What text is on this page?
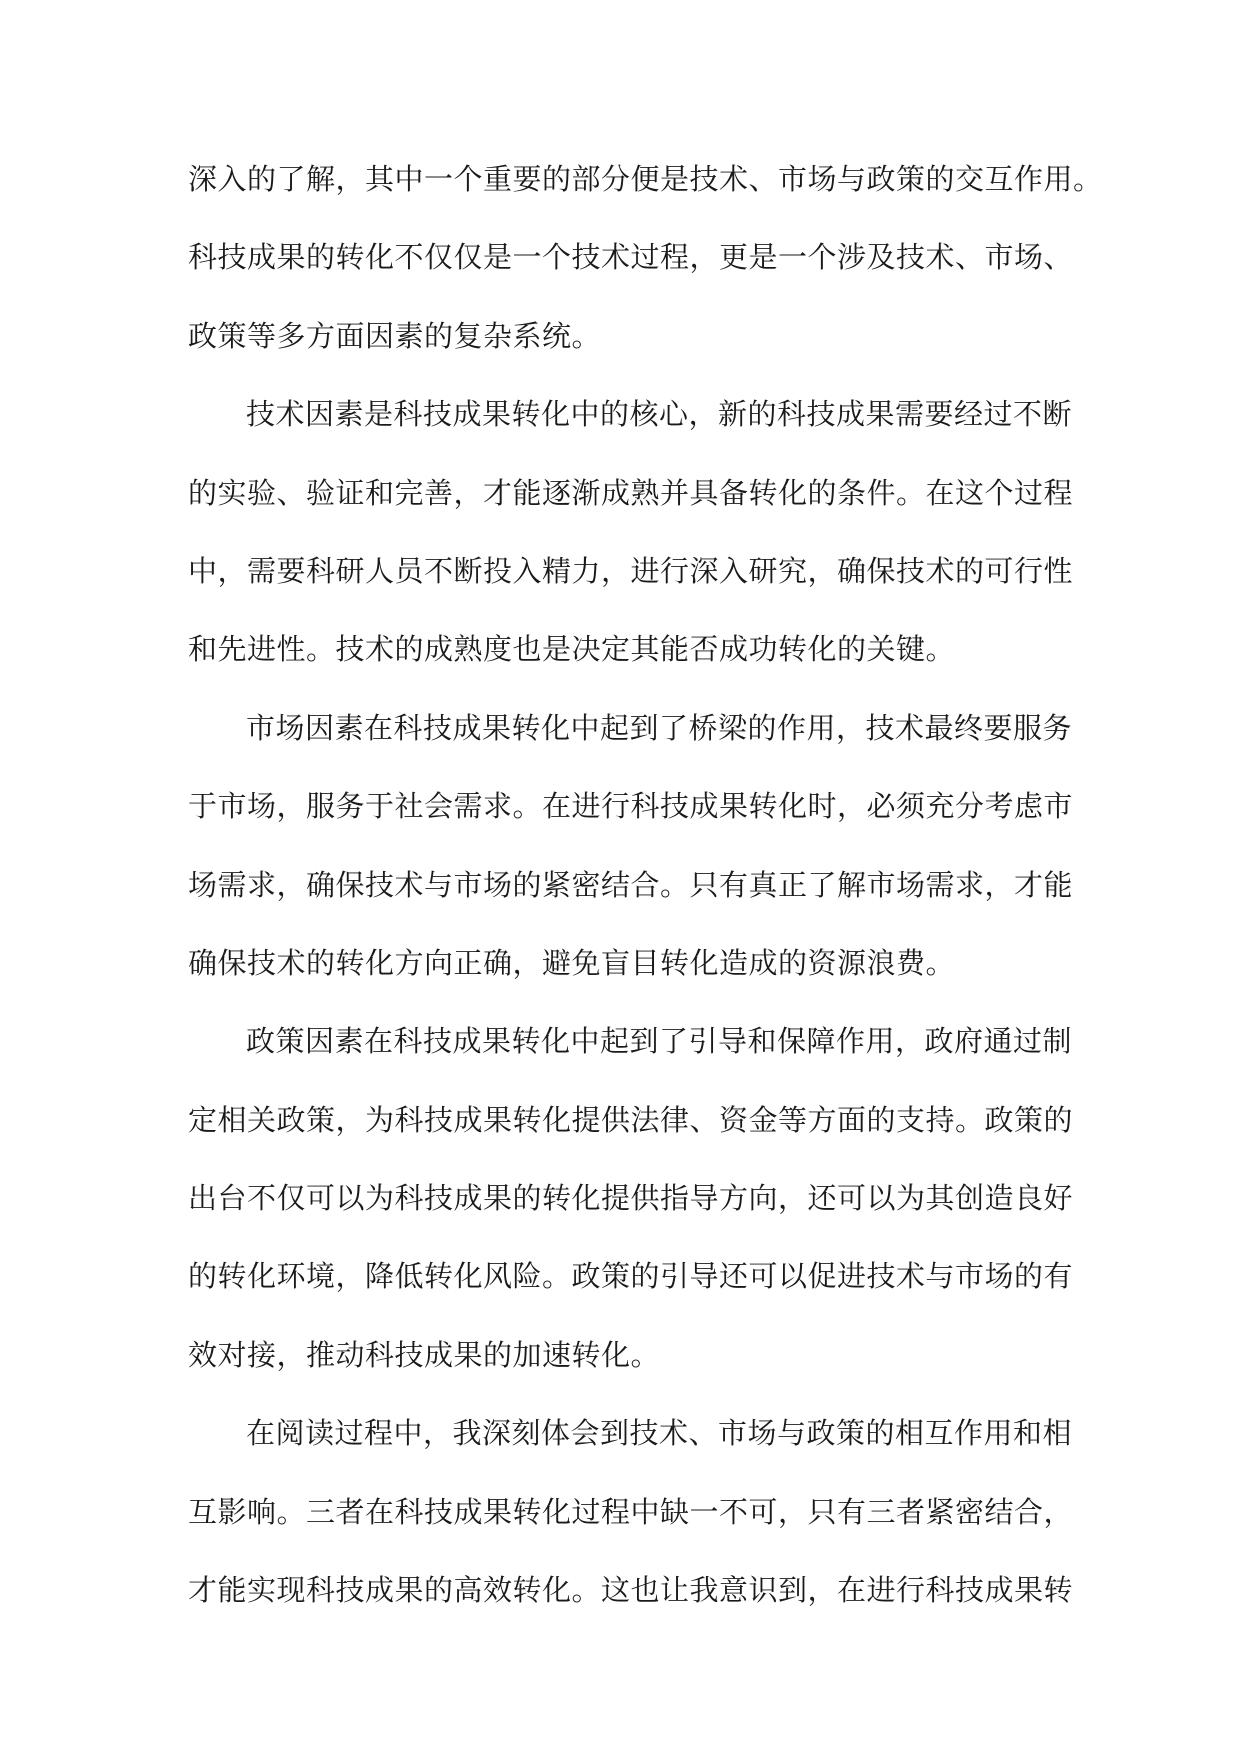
深入的了解，其中一个重要的部分便是技术、市场与政策的交互作用。
科技成果的转化不仅仅是一个技术过程，更是一个涉及技术、市场、
政策等多方面因素的复杂系统。
技术因素是科技成果转化中的核心，新的科技成果需要经过不断
的实验、验证和完善，才能逐渐成熟并具备转化的条件。在这个过程
中，需要科研人员不断投入精力，进行深入研究，确保技术的可行性
和先进性。技术的成熟度也是决定其能否成功转化的关键。
市场因素在科技成果转化中起到了桥梁的作用，技术最终要服务
于市场，服务于社会需求。在进行科技成果转化时，必须充分考虑市
场需求，确保技术与市场的紧密结合。只有真正了解市场需求，才能
确保技术的转化方向正确，避免盲目转化造成的资源浪费。
政策因素在科技成果转化中起到了引导和保障作用，政府通过制
定相关政策，为科技成果转化提供法律、资金等方面的支持。政策的
出台不仅可以为科技成果的转化提供指导方向，还可以为其创造良好
的转化环境，降低转化风险。政策的引导还可以促进技术与市场的有
效对接，推动科技成果的加速转化。
在阅读过程中，我深刻体会到技术、市场与政策的相互作用和相
互影响。三者在科技成果转化过程中缺一不可，只有三者紧密结合，
才能实现科技成果的高效转化。这也让我意识到，在进行科技成果转
